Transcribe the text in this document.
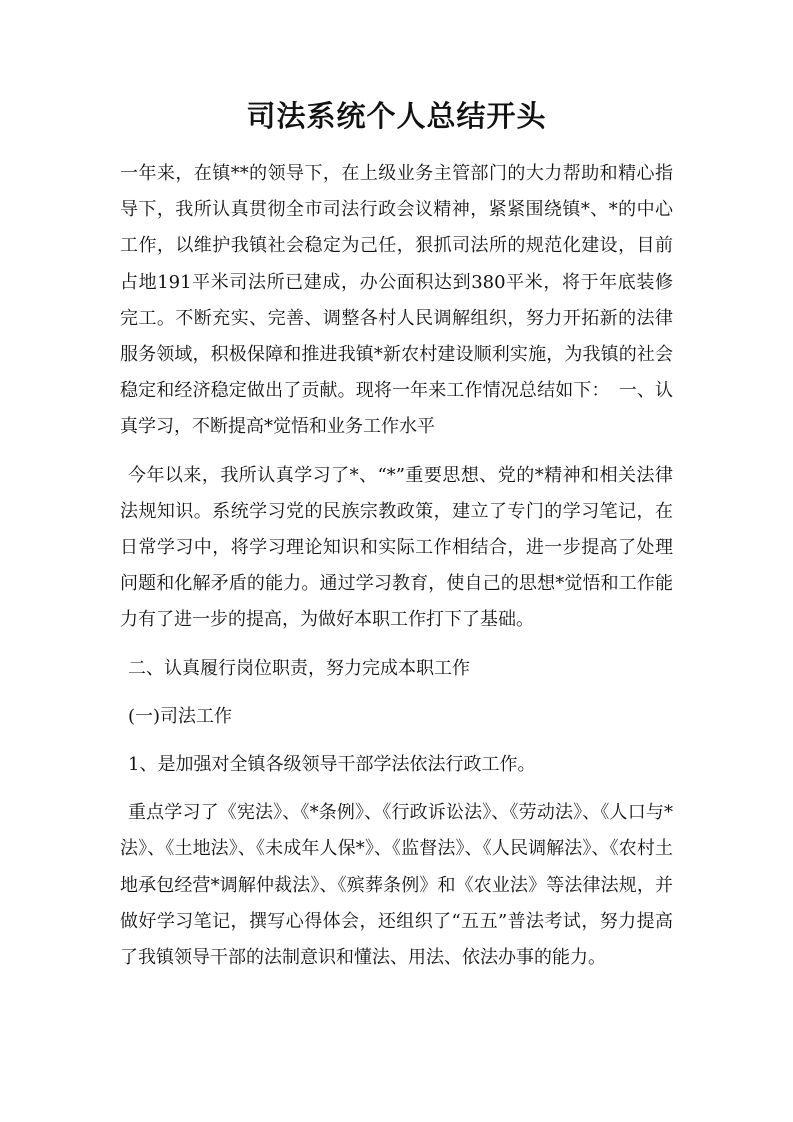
司法系统个人总结开头

一年来，在镇**的领导下，在上级业务主管部门的大力帮助和精心指导下，我所认真贯彻全市司法行政会议精神，紧紧围绕镇*、*的中心工作，以维护我镇社会稳定为己任，狠抓司法所的规范化建设，目前占地191平米司法所已建成，办公面积达到380平米，将于年底装修完工。不断充实、完善、调整各村人民调解组织，努力开拓新的法律服务领域，积极保障和推进我镇*新农村建设顺利实施，为我镇的社会稳定和经济稳定做出了贡献。现将一年来工作情况总结如下：　一、认真学习，不断提高*觉悟和业务工作水平

今年以来，我所认真学习了*、“*”重要思想、党的*精神和相关法律法规知识。系统学习党的民族宗教政策，建立了专门的学习笔记，在日常学习中，将学习理论知识和实际工作相结合，进一步提高了处理问题和化解矛盾的能力。通过学习教育，使自己的思想*觉悟和工作能力有了进一步的提高，为做好本职工作打下了基础。

二、认真履行岗位职责，努力完成本职工作

(一)司法工作

1、是加强对全镇各级领导干部学法依法行政工作。

重点学习了《宪法》、《*条例》、《行政诉讼法》、《劳动法》、《人口与*法》、《土地法》、《未成年人保*》、《监督法》、《人民调解法》、《农村土地承包经营*调解仲裁法》、《殡葬条例》和《农业法》等法律法规，并做好学习笔记，撰写心得体会，还组织了“五五”普法考试，努力提高了我镇领导干部的法制意识和懂法、用法、依法办事的能力。
